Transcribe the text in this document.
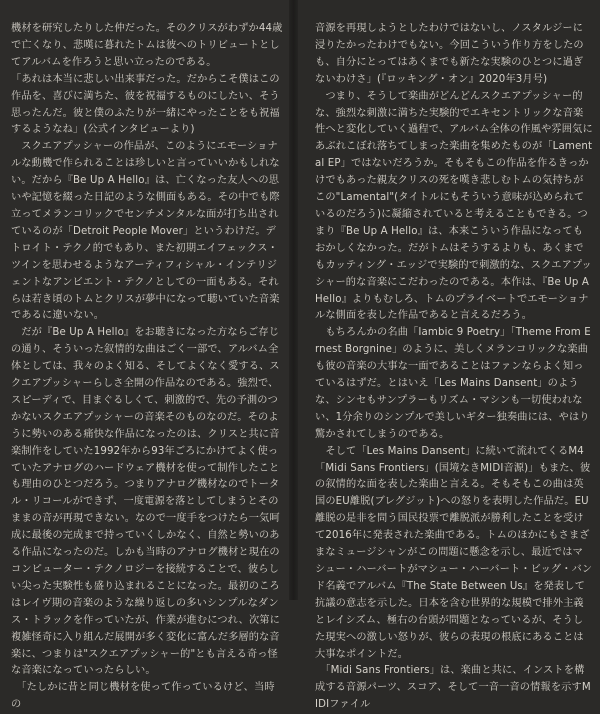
機材を研究したりした仲だった。そのクリスがわずか44歳で亡くなり、悲嘆に暮れたトムは彼へのトリビュートとしてアルバムを作ろうと思い立ったのである。

「あれは本当に悲しい出来事だった。だからこそ僕はこの作品を、喜びに満ちた、彼を祝福するものにしたい、そう思ったんだ。彼と僕のふたりが一緒にやったことをも祝福するようなね」(公式インタビューより)

　スクエアプッシャーの作品が、このようにエモーショナルな動機で作られることは珍しいと言っていいかもしれない。だから『Be Up A Hello』は、亡くなった友人への思いや記憶を綴った日記のような側面もある。その中でも際立ってメランコリックでセンチメンタルな面が打ち出されているのが「Detroit People Mover」というわけだ。デトロイト・テクノ的でもあり、また初期エイフェックス・ツインを思わせるようなアーティフィシャル・インテリジェントなアンビエント・テクノとしての一面もある。それらは若き頃のトムとクリスが夢中になって聴いていた音楽であるに違いない。

　だが『Be Up A Hello』をお聴きになった方ならご存じの通り、そういった叙情的な曲はごく一部で、アルバム全体としては、我々のよく知る、そしてよくなく愛する、スクエアプッシャーらしさ全開の作品なのである。強烈で、スピーディで、目まぐるしくて、刺激的で、先の予測のつかないスクエアプッシャーの音楽そのものなのだ。そのように勢いのある痛快な作品になったのは、クリスと共に音楽制作をしていた1992年から93年ごろにかけてよく使っていたアナログのハードウェア機材を使って制作したことも理由のひとつだろう。つまりアナログ機材なのでトータル・リコールができず、一度電源を落としてしまうとそのままの音が再現できない。なので一度手をつけたら一気呵成に最後の完成まで持っていくしかなく、自然と勢いのある作品になったのだ。しかも当時のアナログ機材と現在のコンピューター・テクノロジーを接続することで、彼らしい尖った実験性も盛り込まれることになった。最初のころはレイヴ期の音楽のような繰り返しの多いシンプルなダンス・トラックを作っていたが、作業が進むにつれ、次第に複雑怪奇に入り組んだ展開が多く変化に富んだ多層的な音楽に、つまりは"スクエアプッシャー的"とも言える奇っ怪な音楽になっていったらしい。

　「たしかに昔と同じ機材を使って作っているけど、当時の

音源を再現しようとしたわけではないし、ノスタルジーに浸りたかったわけでもない。今回こういう作り方をしたのも、自分にとってはあくまでも新たな実験のひとつに過ぎないわけさ」(『ロッキング・オン』2020年3月号)

　つまり、そうして楽曲がどんどんスクエアプッシャー的な、強烈な刺激に満ちた実験的でエキセントリックな音楽性へと変化していく過程で、アルバム全体の作風や雰囲気にあぶれこぼれ落ちてしまった楽曲を集めたものが「Lamental EP」ではないだろうか。そもそもこの作品を作るきっかけでもあった親友クリスの死を嘆き悲しむトムの気持ちがこの"Lamental"(タイトルにもそういう意味が込められているのだろう)に凝縮されていると考えることもできる。つまり『Be Up A Hello』は、本来こういう作品になってもおかしくなかった。だがトムはそうするよりも、あくまでもカッティング・エッジで実験的で刺激的な、スクエアプッシャー的な音楽にこだわったのである。本作は、『Be Up A Hello』よりもむしろ、トムのプライベートでエモーショナルな側面を表した作品であると言えるだろう。

　もちろんかの名曲「Iambic 9 Poetry」「Theme From Ernest Borgnine」のように、美しくメランコリックな楽曲も彼の音楽の大事な一面であることはファンならよく知っているはずだ。とはいえ「Les Mains Dansent」のような、シンセもサンプラーもリズム・マシンも一切使われない、1分余りのシンプルで美しいギター独奏曲には、やはり驚かされてしまうのである。

　そして「Les Mains Dansent」に続いて流れてくるM4「Midi Sans Frontiers」(国境なきMIDI音源)」もまた、彼の叙情的な面を表した楽曲と言える。そもそもこの曲は英国のEU離脱(ブレグジット)への怒りを表明した作品だ。EU離脱の是非を問う国民投票で離脱派が勝利したことを受けて2016年に発表された楽曲である。トムのほかにもさまざまなミュージシャンがこの問題に懸念を示し、最近ではマシュー・ハーバートがマシュー・ハーバート・ビッグ・バンド名義でアルバム『The State Between Us』を発表して抗議の意志を示した。日本を含む世界的な規模で排外主義とレイシズム、極右の台頭が問題となっているが、そうした現実への激しい怒りが、彼らの表現の根底にあることは大事なポイントだ。

　「Midi Sans Frontiers」は、楽曲と共に、インストを構成する音源パーツ、スコア、そして一音一音の情報を示すMIDIファイル
